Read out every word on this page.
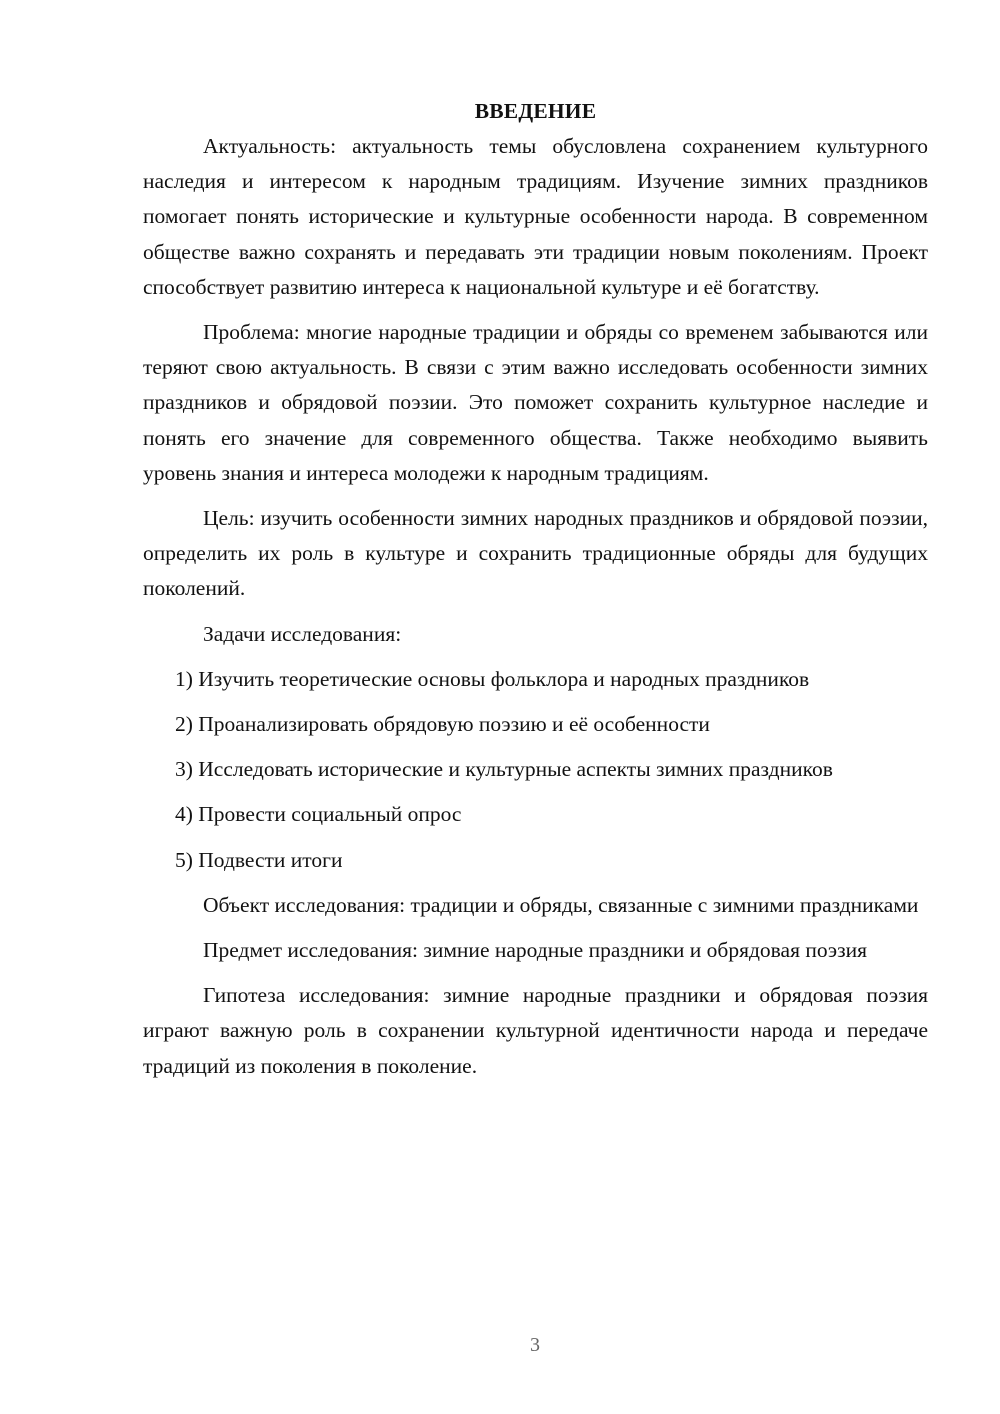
ВВЕДЕНИЕ

Актуальность: актуальность темы обусловлена сохранением культурного наследия и интересом к народным традициям. Изучение зимних праздников помогает понять исторические и культурные особенности народа. В современном обществе важно сохранять и передавать эти традиции новым поколениям. Проект способствует развитию интереса к национальной культуре и её богатству.

Проблема: многие народные традиции и обряды со временем забываются или теряют свою актуальность. В связи с этим важно исследовать особенности зимних праздников и обрядовой поэзии. Это поможет сохранить культурное наследие и понять его значение для современного общества. Также необходимо выявить уровень знания и интереса молодежи к народным традициям.

Цель: изучить особенности зимних народных праздников и обрядовой поэзии, определить их роль в культуре и сохранить традиционные обряды для будущих поколений.

Задачи исследования:

1) Изучить теоретические основы фольклора и народных праздников

2) Проанализировать обрядовую поэзию и её особенности

3) Исследовать исторические и культурные аспекты зимних праздников

4) Провести социальный опрос

5) Подвести итоги

Объект исследования: традиции и обряды, связанные с зимними праздниками

Предмет исследования: зимние народные праздники и обрядовая поэзия

Гипотеза исследования: зимние народные праздники и обрядовая поэзия играют важную роль в сохранении культурной идентичности народа и передаче традиций из поколения в поколение.

3
